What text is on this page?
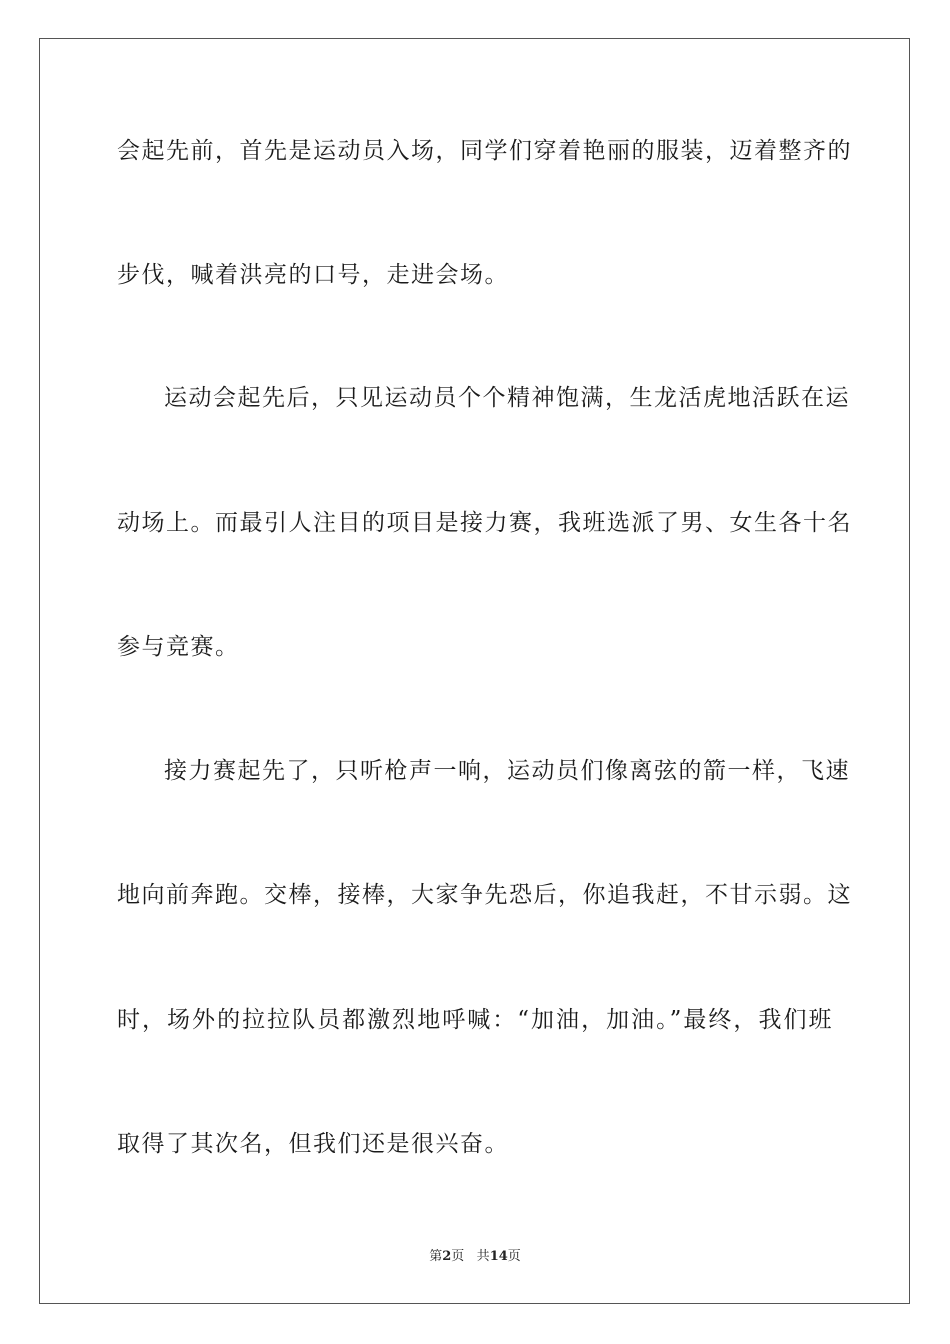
会起先前，首先是运动员入场，同学们穿着艳丽的服装，迈着整齐的
步伐，喊着洪亮的口号，走进会场。
运动会起先后，只见运动员个个精神饱满，生龙活虎地活跃在运
动场上。而最引人注目的项目是接力赛，我班选派了男、女生各十名
参与竞赛。
接力赛起先了，只听枪声一响，运动员们像离弦的箭一样，飞速
地向前奔跑。交棒，接棒，大家争先恐后，你追我赶，不甘示弱。这
时，场外的拉拉队员都激烈地呼喊：“加油，加油。”最终，我们班
取得了其次名，但我们还是很兴奋。
第2页 共14页
